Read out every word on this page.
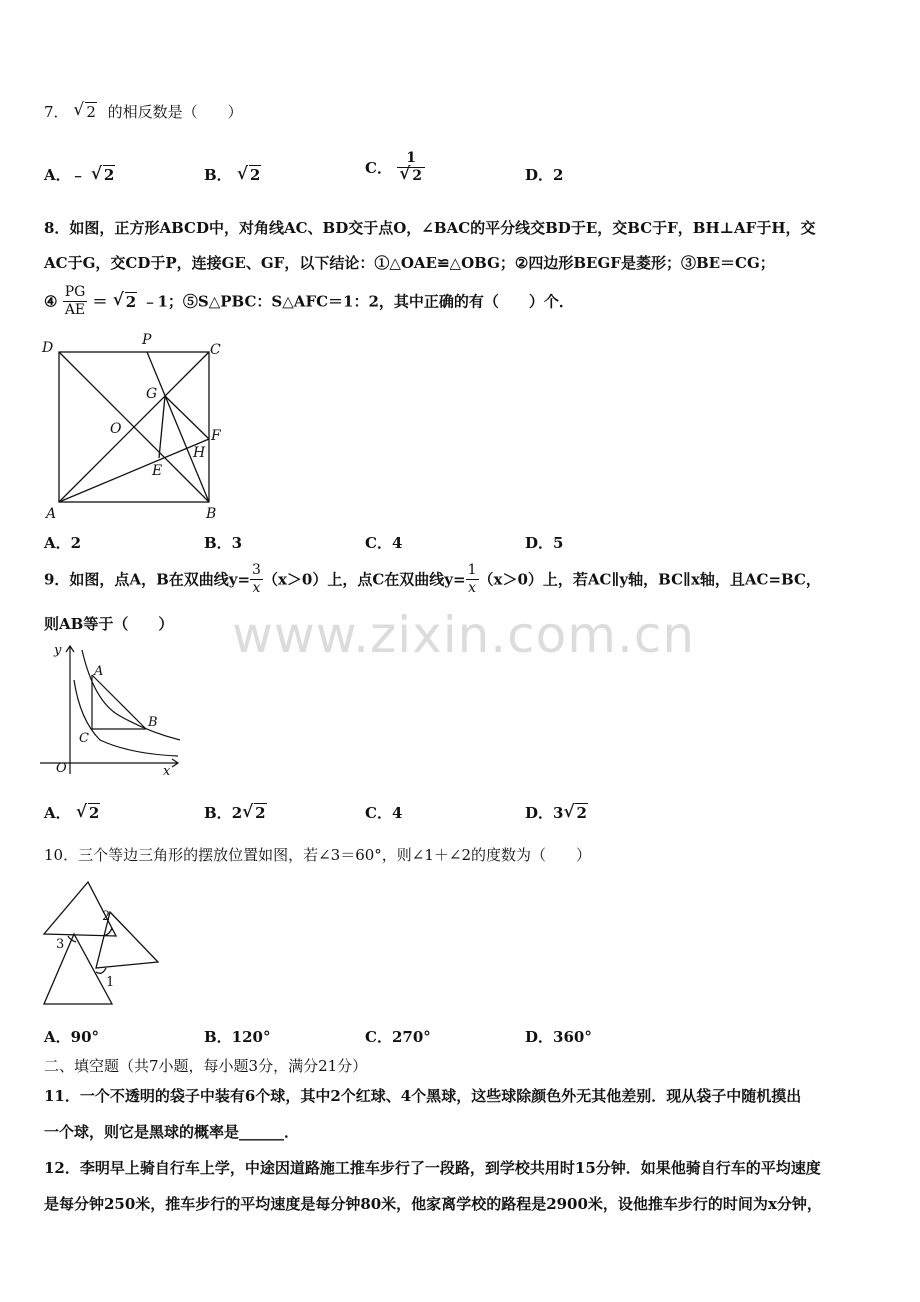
www.zixin.com.cn
7． √ 2 的相反数是（　　）
A．﹣ √ 2	B． √ 2	C． 1
√ 2	D．2
8．如图，正方形ABCD中，对角线AC、BD交于点O，∠BAC的平分线交BD于E，交BC于F，BH⊥AF于H，交
AC于G，交CD于P，连接GE、GF，以下结论：①△OAE≌△OBG；②四边形BEGF是菱形；③BE＝CG；
④ $\frac{PG}{AE}$ ＝ √ 2 ﹣1；⑤S△PBC：S△AFC＝1：2，其中正确的有（　　）个．
D	P
C
G
O	F
H
E
A	B
A．2	B．3	C．4	D．5
9．如图，点A，B在双曲线$y= \frac{3}{x} (x>0)$上，点C在双曲线$y= \frac{1}{x} (x>0)$上，若AC∥y轴，BC∥x轴，且AC=BC，
则AB等于（　　）
y
A
B
C
O	x
A． √ 2	B．2 √ 2	C．4	D．3 √ 2
10．三个等边三角形的摆放位置如图，若∠3＝60°，则∠1＋∠2的度数为（　　）
2
3
1
A．90°	B．120°	C．270°	D．360°
二、填空题（共7小题，每小题3分，满分21分）
11．一个不透明的袋子中装有6个球，其中2个红球、4个黑球，这些球除颜色外无其他差别．现从袋子中随机摸出
一个球，则它是黑球的概率是______．
12．李明早上骑自行车上学，中途因道路施工推车步行了一段路，到学校共用时15分钟．如果他骑自行车的平均速度
是每分钟250米，推车步行的平均速度是每分钟80米，他家离学校的路程是2900米，设他推车步行的时间为x分钟，
